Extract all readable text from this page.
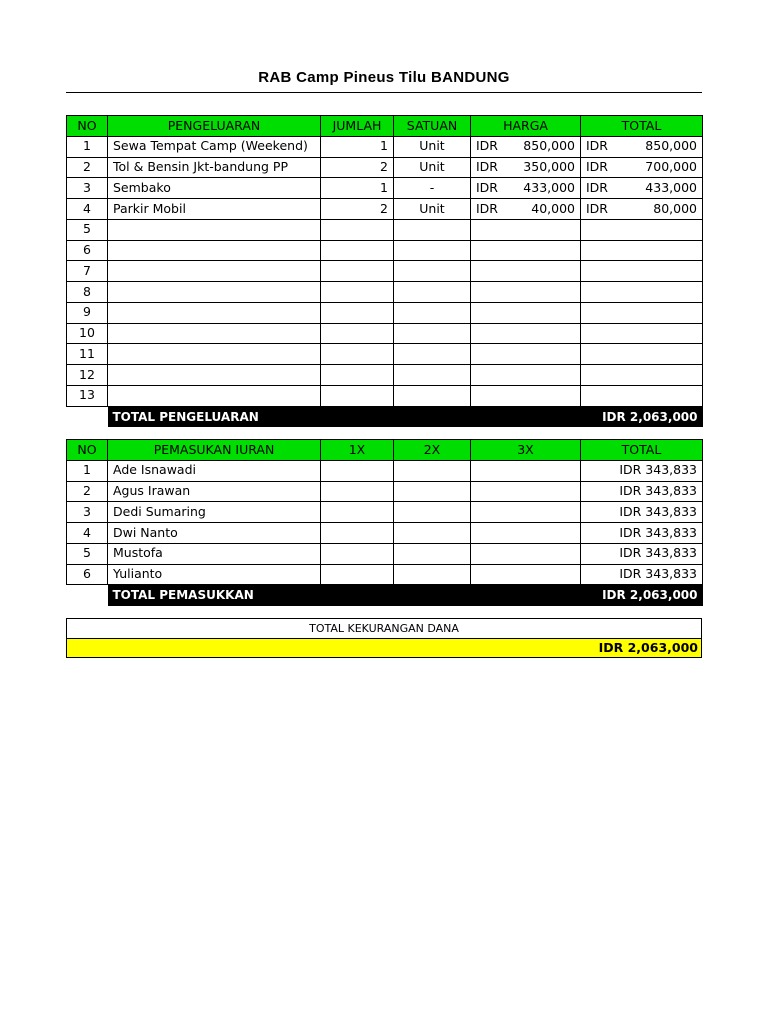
RAB Camp Pineus Tilu BANDUNG
NO	PENGELUARAN	JUMLAH	SATUAN	HARGA	TOTAL
1	Sewa Tempat Camp (Weekend)	1	Unit	IDR 850,000	IDR 850,000

2	Tol & Bensin Jkt-bandung PP	2	Unit	IDR 350,000	IDR 700,000

3	Sembako	1	-	IDR 433,000	IDR 433,000

4	Parkir Mobil	2	Unit	IDR 40,000	IDR 80,000

5				

6				

7				

8				

9				

10				

11				

12				

13				

	TOTAL PENGELUARAN				IDR 2,063,000
NO	PEMASUKAN IURAN	1X	2X	3X	TOTAL
1	Ade Isnawadi				IDR 343,833
2	Agus Irawan				IDR 343,833
3	Dedi Sumaring				IDR 343,833
4	Dwi Nanto				IDR 343,833
5	Mustofa				IDR 343,833
6	Yulianto				IDR 343,833
	TOTAL PEMASUKKAN				IDR 2,063,000
TOTAL KEKURANGAN DANA
IDR 2,063,000
